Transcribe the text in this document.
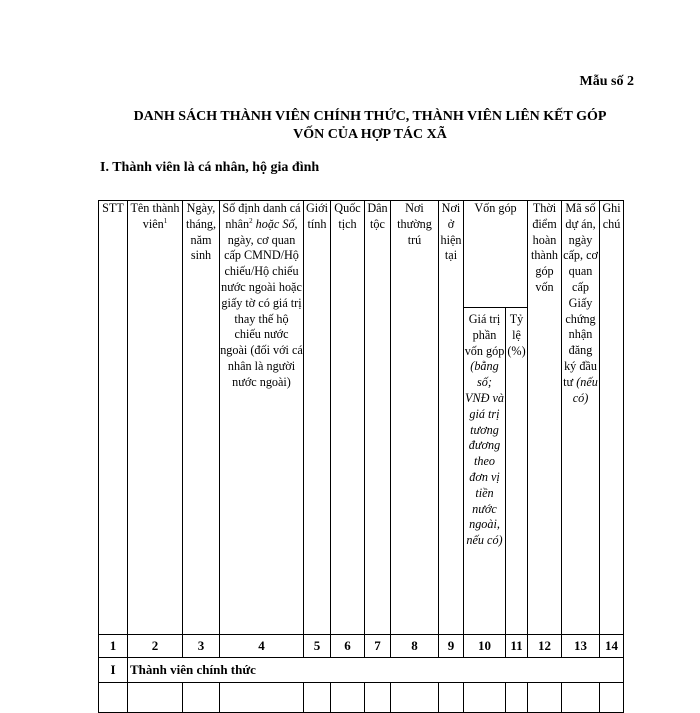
Mẫu số 2
DANH SÁCH THÀNH VIÊN CHÍNH THỨC, THÀNH VIÊN LIÊN KẾT GÓP
VỐN CỦA HỢP TÁC XÃ
I. Thành viên là cá nhân, hộ gia đình
STT	Tên thành viên$^1$	Ngày, tháng, năm sinh	Số định danh cá nhân$^2$ hoặc Số, ngày, cơ quan cấp CMND/Hộ chiếu/Hộ chiếu nước ngoài hoặc giấy tờ có giá trị thay thế hộ chiếu nước ngoài (đối với cá nhân là người nước ngoài)	Giới tính	Quốc tịch	Dân tộc	Nơi thường trú	Nơi ở hiện tại	Vốn góp		Thời điểm hoàn thành góp vốn	Mã số dự án, ngày cấp, cơ quan cấp Giấy chứng nhận đăng ký đầu tư (nếu có)	Ghi chú
									Giá trị phần vốn góp (bằng số; VNĐ và giá trị tương đương theo đơn vị tiền nước ngoài, nếu có)	Tỷ lệ (%)			
1	2	3	4	5	6	7	8	9	10	11	12	13	14
I	Thành viên chính thức												
